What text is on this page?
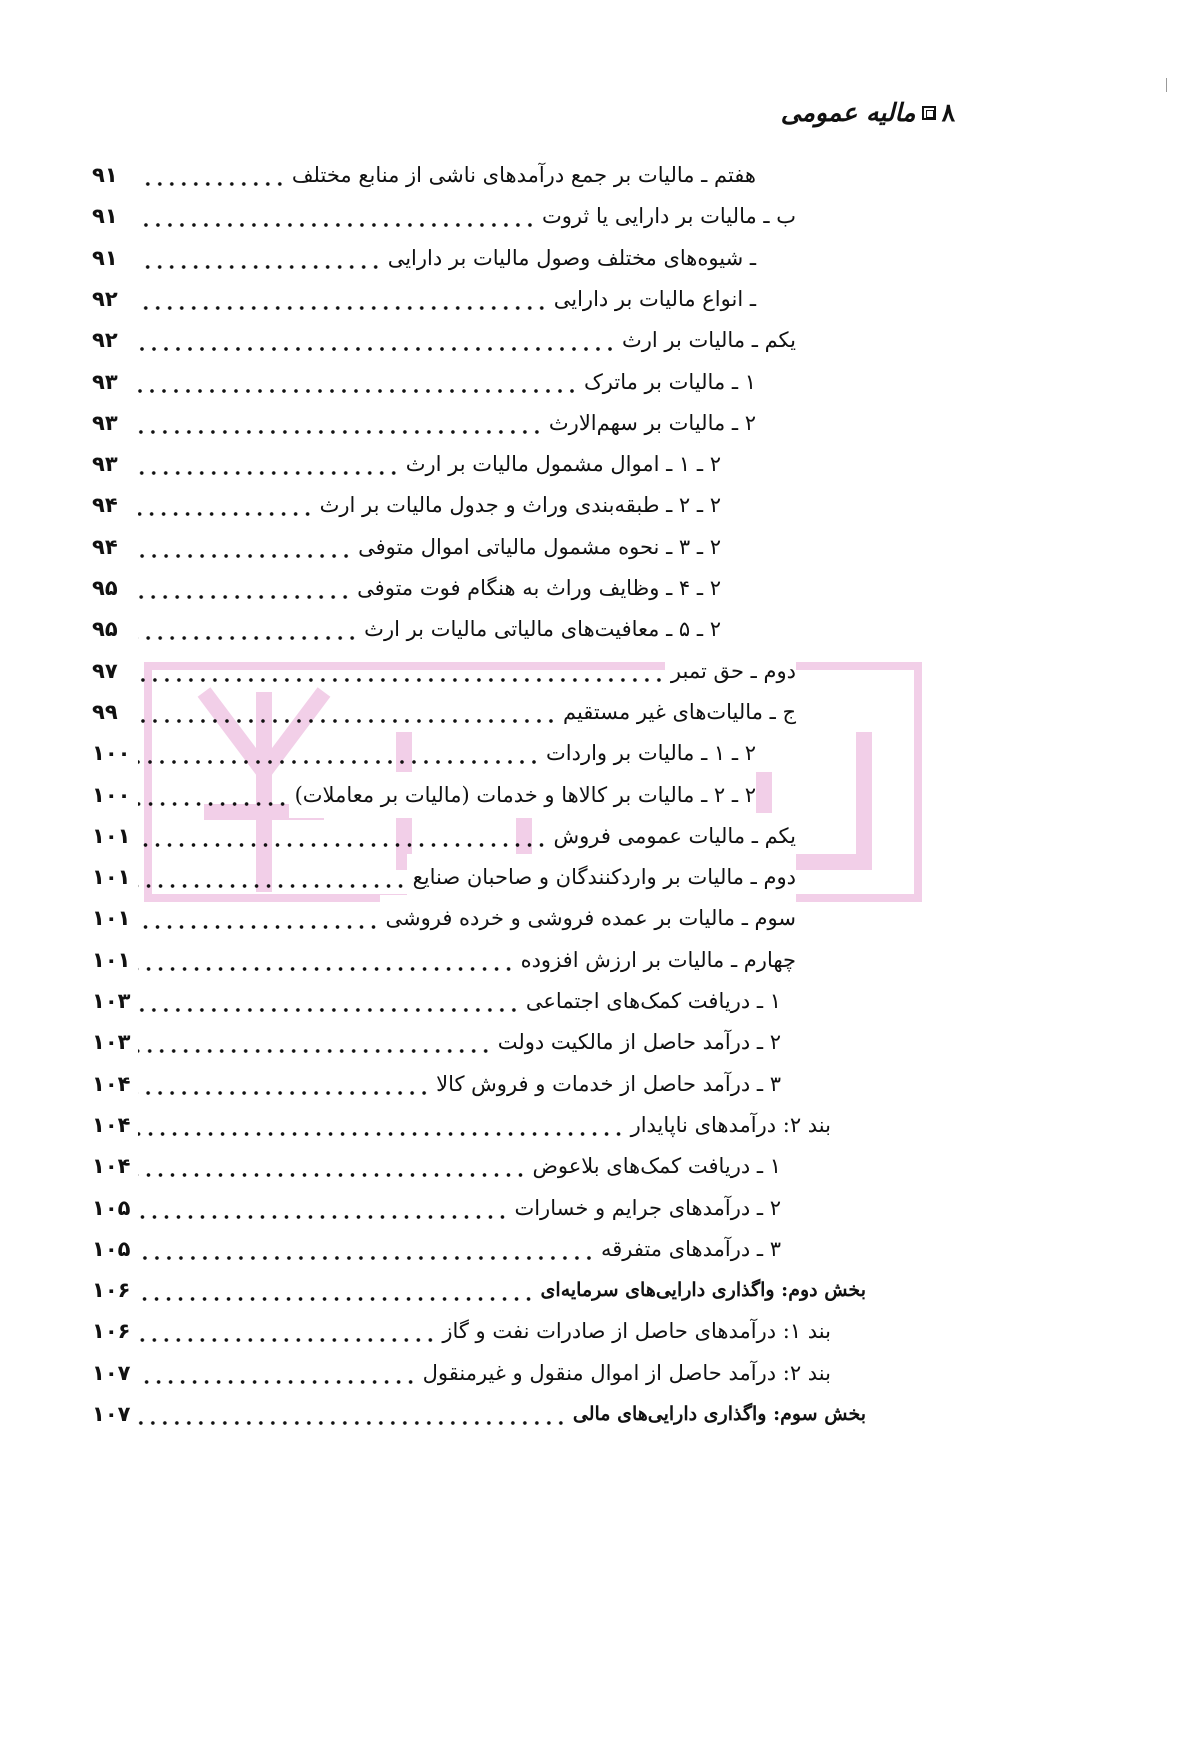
۸
مالیه عمومی
هفتم ـ مالیات بر جمع درآمدهای ناشی از منابع مختلف
۹۱
ب ـ مالیات بر دارایی یا ثروت
۹۱
ـ شیوه‌های مختلف وصول مالیات بر دارایی
۹۱
ـ انواع مالیات بر دارایی
۹۲
یکم ـ مالیات بر ارث
۹۲
۱ ـ مالیات بر ماترک
۹۳
۲ ـ مالیات بر سهم‌الارث
۹۳
۲ ـ ۱ ـ اموال مشمول مالیات بر ارث
۹۳
۲ ـ ۲ ـ طبقه‌بندی وراث و جدول مالیات بر ارث
۹۴
۲ ـ ۳ ـ نحوه مشمول مالیاتی اموال متوفی
۹۴
۲ ـ ۴ ـ وظایف وراث به هنگام فوت متوفی
۹۵
۲ ـ ۵ ـ معافیت‌های مالیاتی مالیات بر ارث
۹۵
دوم ـ حق تمبر
۹۷
ج ـ مالیات‌های غیر مستقیم
۹۹
۲ ـ ۱ ـ مالیات بر واردات
۱۰۰
۲ ـ ۲ ـ مالیات بر کالاها و خدمات (مالیات بر معاملات)
۱۰۰
یکم ـ مالیات عمومی فروش
۱۰۱
دوم ـ مالیات بر واردکنندگان و صاحبان صنایع
۱۰۱
سوم ـ مالیات بر عمده فروشی و خرده فروشی
۱۰۱
چهارم ـ مالیات بر ارزش افزوده
۱۰۱
۱ ـ دریافت کمک‌های اجتماعی
۱۰۳
۲ ـ درآمد حاصل از مالکیت دولت
۱۰۳
۳ ـ درآمد حاصل از خدمات و فروش کالا
۱۰۴
بند ۲: درآمدهای ناپایدار
۱۰۴
۱ ـ دریافت کمک‌های بلاعوض
۱۰۴
۲ ـ درآمدهای جرایم و خسارات
۱۰۵
۳ ـ درآمدهای متفرقه
۱۰۵
بخش دوم: واگذاری دارایی‌های سرمایه‌ای
۱۰۶
بند ۱: درآمدهای حاصل از صادرات نفت و گاز
۱۰۶
بند ۲: درآمد حاصل از اموال منقول و غیرمنقول
۱۰۷
بخش سوم: واگذاری دارایی‌های مالی
۱۰۷
